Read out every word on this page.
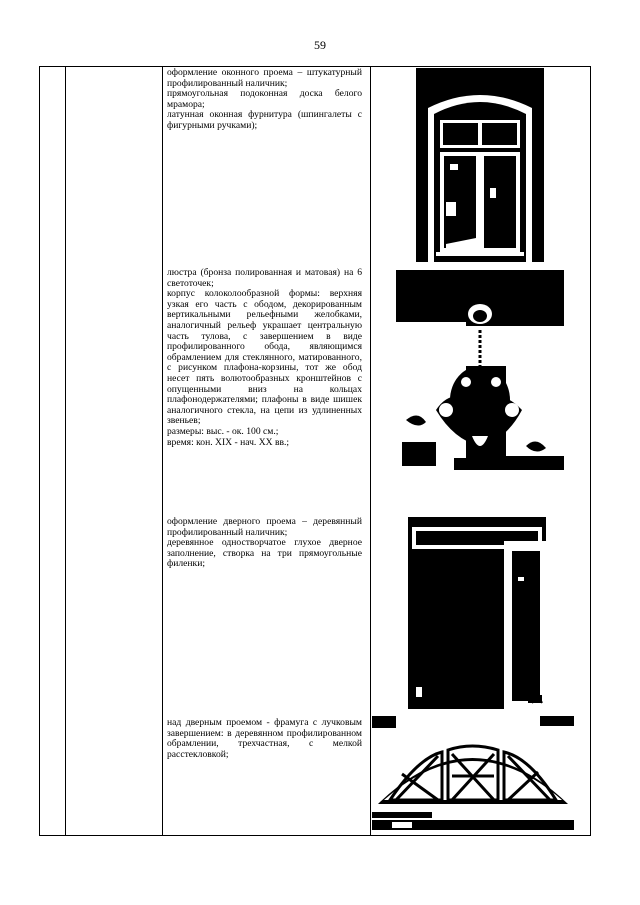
59

оформление оконного проема – штукатурный профилированный наличник;

прямоугольная подоконная доска белого мрамора;

латунная оконная фурнитура (шпингалеты с фигурными ручками);

люстра (бронза полированная и матовая) на 6 светоточек;

корпус колоколообразной формы: верхняя узкая его часть с ободом, декорированным вертикальными рельефными желобками, аналогичный рельеф украшает центральную часть тулова, с завершением в виде профилированного обода, являющимся обрамлением для стеклянного, матированного, с рисунком плафона-корзины, тот же обод несет пять волютообразных кронштейнов с опущенными вниз на кольцах плафонодержателями; плафоны в виде шишек аналогичного стекла, на цепи из удлиненных звеньев;

размеры: выс. - ок. 100 см.;

время: кон. XIX - нач. XX вв.;

оформление дверного проема – деревянный профилированный наличник;

деревянное одностворчатое глухое дверное заполнение, створка на три прямоугольные филенки;

над дверным проемом - фрамуга с лучковым завершением: в деревянном профилированном обрамлении, трехчастная, с мелкой расстекловкой;
